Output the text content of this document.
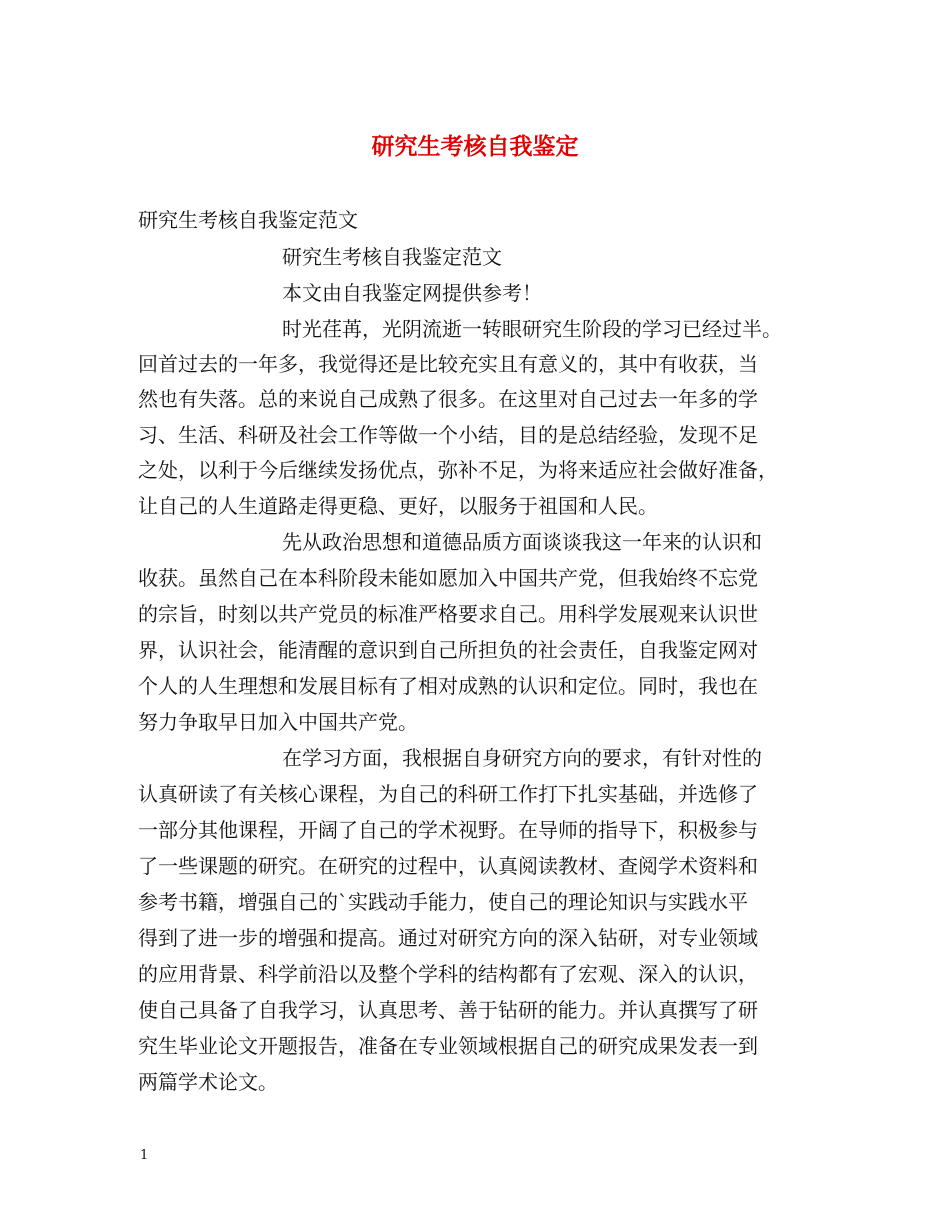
研究生考核自我鉴定
研究生考核自我鉴定范文
研究生考核自我鉴定范文
本文由自我鉴定网提供参考！
时光荏苒，光阴流逝一转眼研究生阶段的学习已经过半。
回首过去的一年多，我觉得还是比较充实且有意义的，其中有收获，当
然也有失落。总的来说自己成熟了很多。在这里对自己过去一年多的学
习、生活、科研及社会工作等做一个小结，目的是总结经验，发现不足
之处，以利于今后继续发扬优点，弥补不足，为将来适应社会做好准备，
让自己的人生道路走得更稳、更好，以服务于祖国和人民。
先从政治思想和道德品质方面谈谈我这一年来的认识和
收获。虽然自己在本科阶段未能如愿加入中国共产党，但我始终不忘党
的宗旨，时刻以共产党员的标准严格要求自己。用科学发展观来认识世
界，认识社会，能清醒的意识到自己所担负的社会责任，自我鉴定网对
个人的人生理想和发展目标有了相对成熟的认识和定位。同时，我也在
努力争取早日加入中国共产党。
在学习方面，我根据自身研究方向的要求，有针对性的
认真研读了有关核心课程，为自己的科研工作打下扎实基础，并选修了
一部分其他课程，开阔了自己的学术视野。在导师的指导下，积极参与
了一些课题的研究。在研究的过程中，认真阅读教材、查阅学术资料和
参考书籍，增强自己的`实践动手能力，使自己的理论知识与实践水平
得到了进一步的增强和提高。通过对研究方向的深入钻研，对专业领域
的应用背景、科学前沿以及整个学科的结构都有了宏观、深入的认识，
使自己具备了自我学习，认真思考、善于钻研的能力。并认真撰写了研
究生毕业论文开题报告，准备在专业领域根据自己的研究成果发表一到
两篇学术论文。
1
